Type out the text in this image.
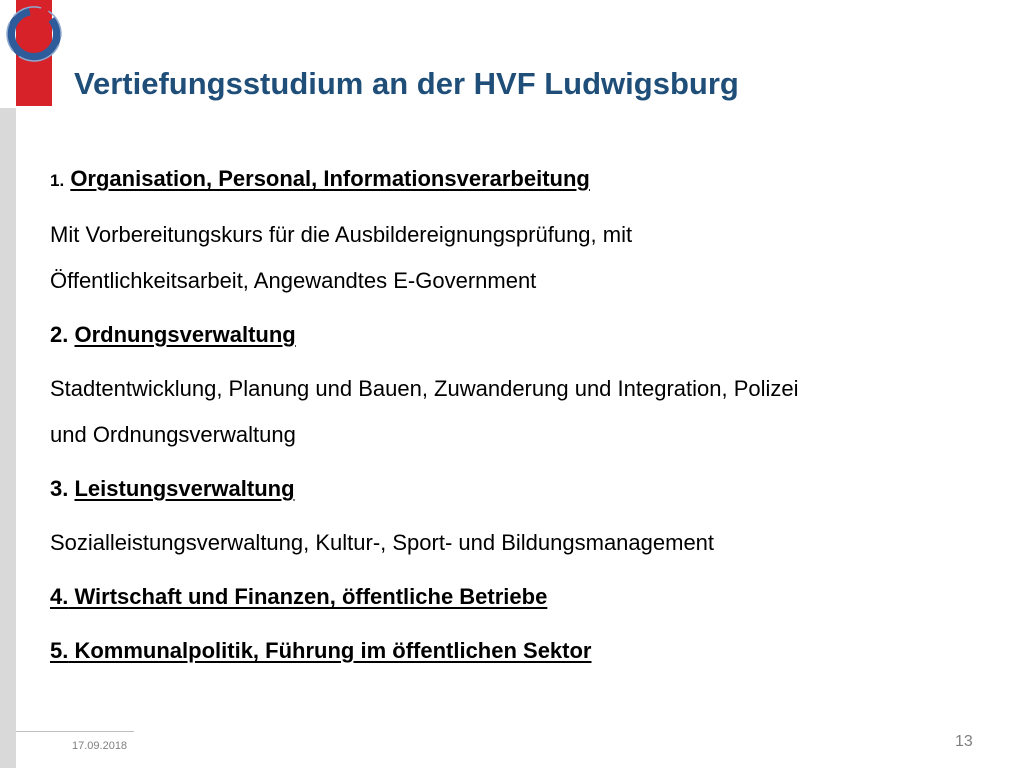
Vertiefungsstudium an der HVF Ludwigsburg
1. Organisation, Personal, Informationsverarbeitung
Mit Vorbereitungskurs für die Ausbildereignungsprüfung, mit
Öffentlichkeitsarbeit, Angewandtes E-Government
2. Ordnungsverwaltung
Stadtentwicklung, Planung und Bauen, Zuwanderung und Integration, Polizei
und Ordnungsverwaltung
3. Leistungsverwaltung
Sozialleistungsverwaltung, Kultur-, Sport- und Bildungsmanagement
4. Wirtschaft und Finanzen, öffentliche Betriebe
5. Kommunalpolitik, Führung im öffentlichen Sektor
17.09.2018	13
